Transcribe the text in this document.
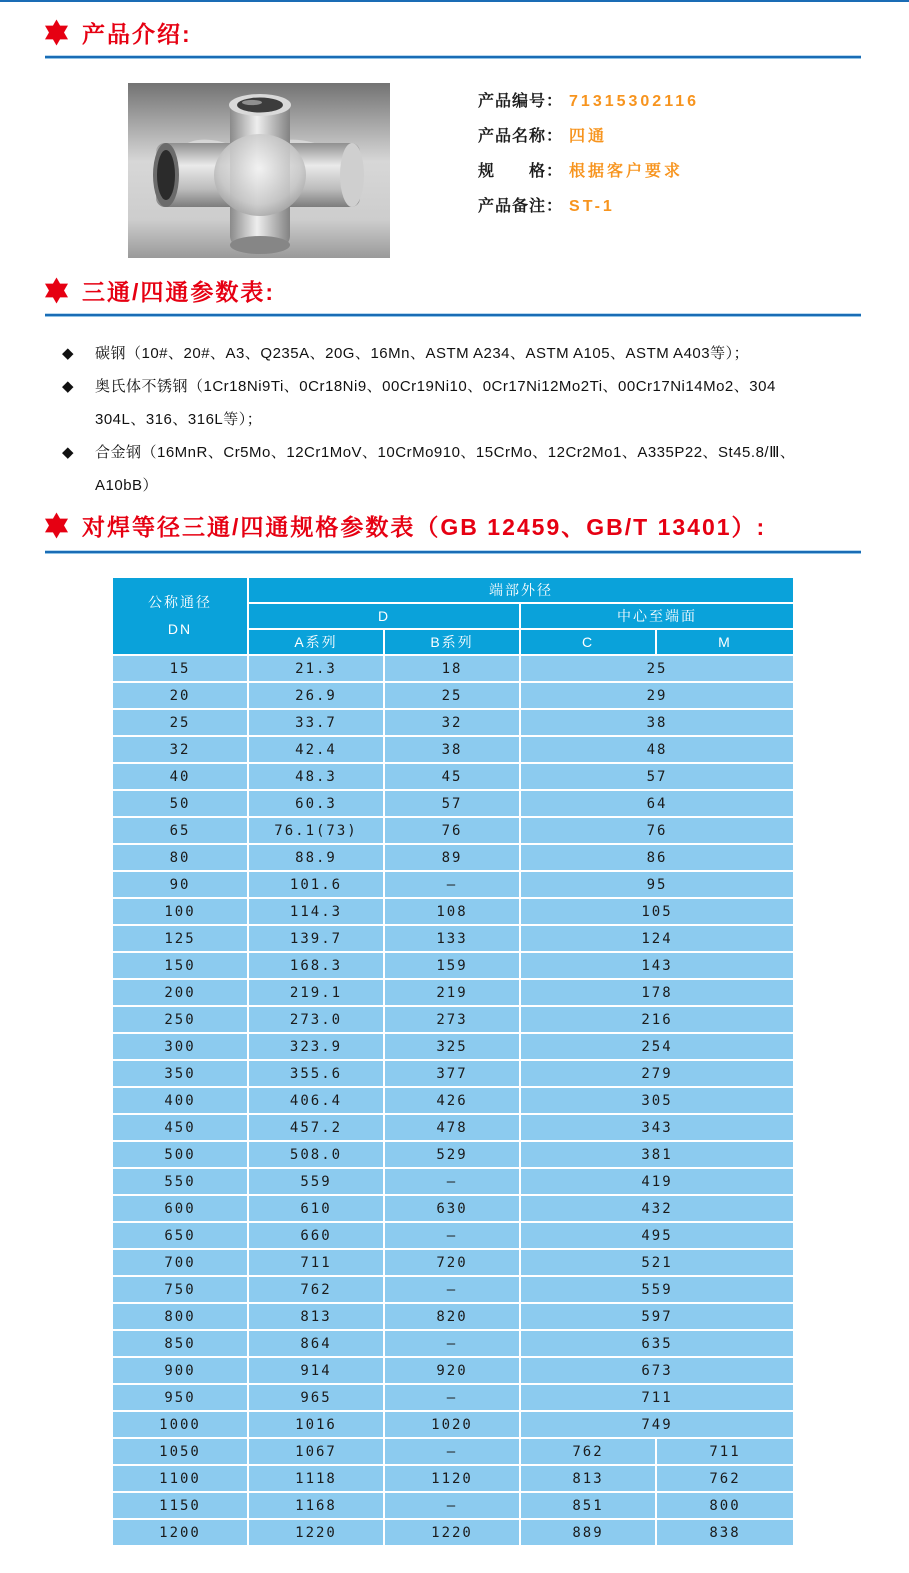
产品介绍:
产品编号： 71315302116
产品名称： 四通
规　　格： 根据客户要求
产品备注： ST-1
三通/四通参数表:
◆ 碳钢（10#、20#、A3、Q235A、20G、16Mn、ASTM A234、ASTM A105、ASTM A403等）；
◆ 奥氏体不锈钢（1Cr18Ni9Ti、0Cr18Ni9、00Cr19Ni10、0Cr17Ni12Mo2Ti、00Cr17Ni14Mo2、304
304L、316、316L等）；
◆ 合金钢（16MnR、Cr5Mo、12Cr1MoV、10CrMo910、15CrMo、12Cr2Mo1、A335P22、St45.8/Ⅲ、
A10bB）
对焊等径三通/四通规格参数表（GB 12459、GB/T 13401）:
公称通径
DN	端部外径			
	D		中心至端面	
	A系列	B系列	C	M
15	21.3	18	25	
20	26.9	25	29	
25	33.7	32	38	
32	42.4	38	48	
40	48.3	45	57	
50	60.3	57	64	
65	76.1(73)	76	76	
80	88.9	89	86	
90	101.6	—	95	
100	114.3	108	105	
125	139.7	133	124	
150	168.3	159	143	
200	219.1	219	178	
250	273.0	273	216	
300	323.9	325	254	
350	355.6	377	279	
400	406.4	426	305	
450	457.2	478	343	
500	508.0	529	381	
550	559	—	419	
600	610	630	432	
650	660	—	495	
700	711	720	521	
750	762	—	559	
800	813	820	597	
850	864	—	635	
900	914	920	673	
950	965	—	711	
1000	1016	1020	749	
1050	1067	—	762	711
1100	1118	1120	813	762
1150	1168	—	851	800
1200	1220	1220	889	838
